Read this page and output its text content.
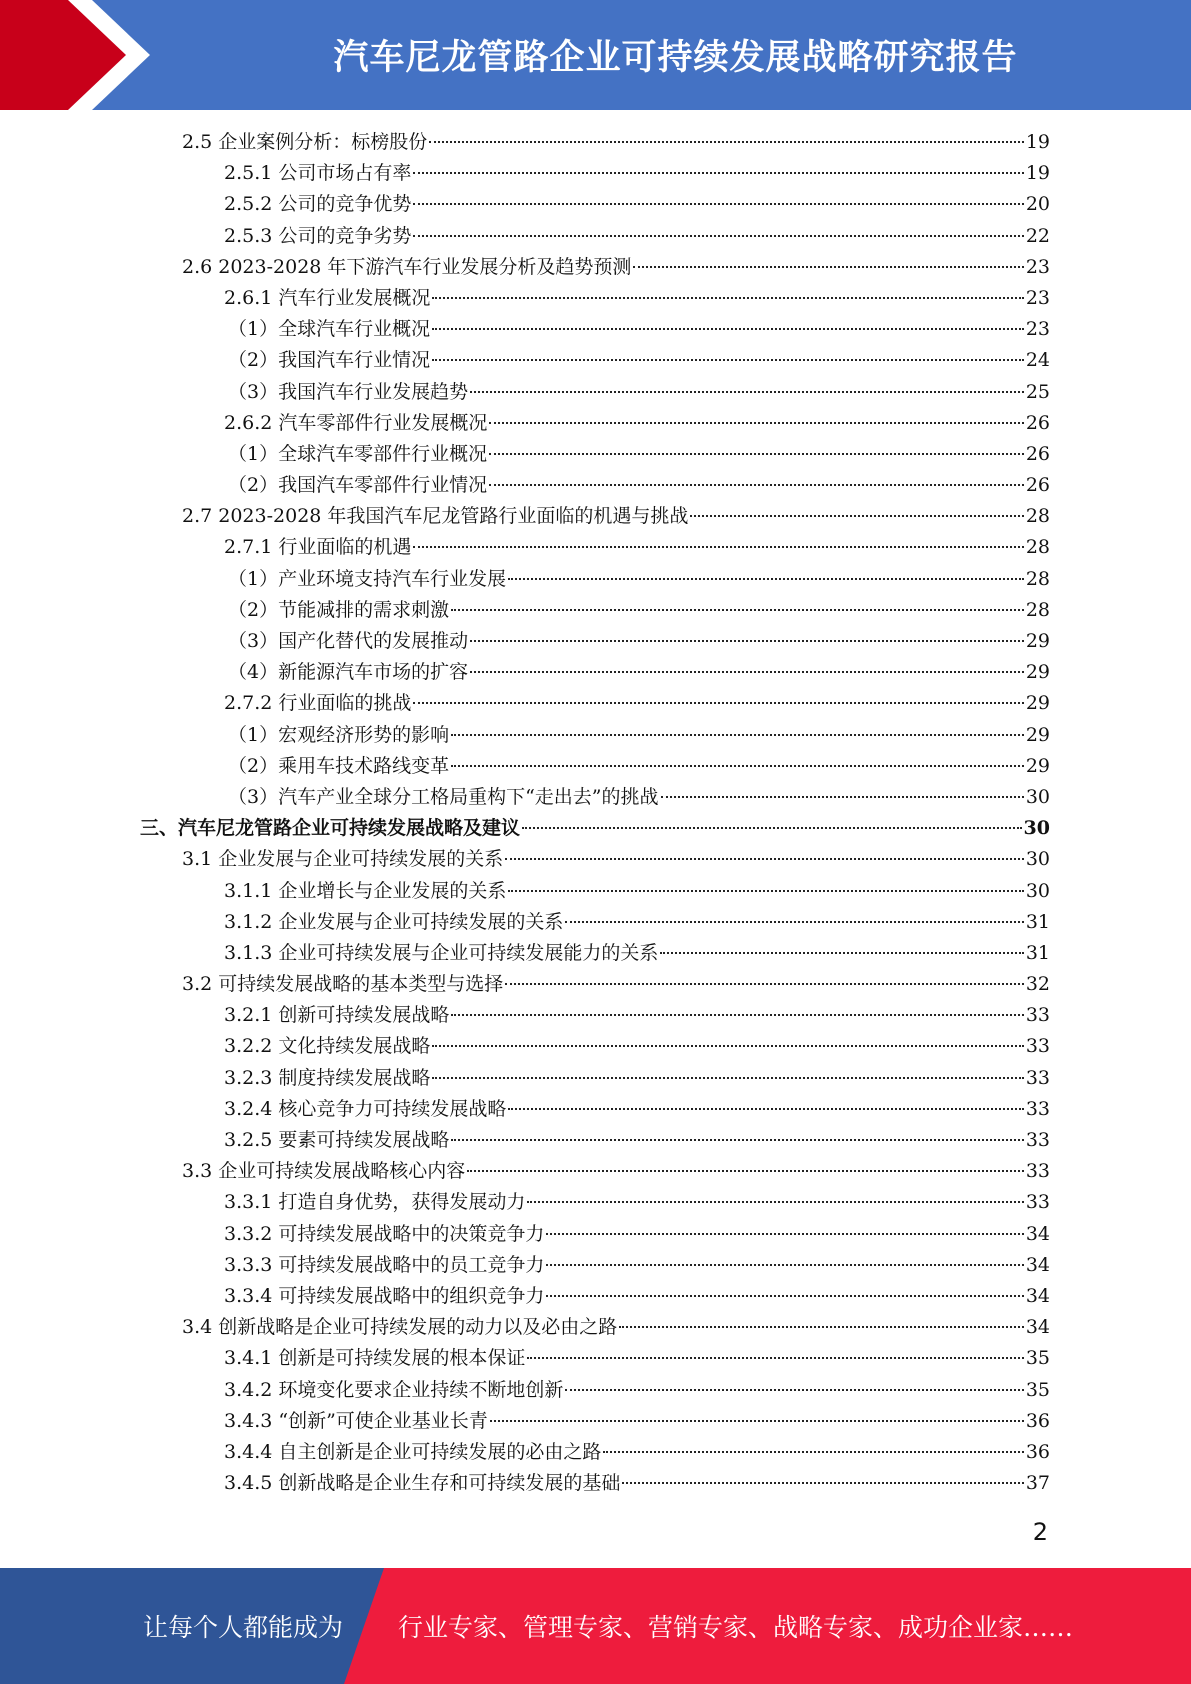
汽车尼龙管路企业可持续发展战略研究报告
2.5 企业案例分析：标榜股份	19
2.5.1 公司市场占有率	19
2.5.2 公司的竞争优势	20
2.5.3 公司的竞争劣势	22
2.6 2023-2028 年下游汽车行业发展分析及趋势预测	23
2.6.1 汽车行业发展概况	23
（1）全球汽车行业概况	23
（2）我国汽车行业情况	24
（3）我国汽车行业发展趋势	25
2.6.2 汽车零部件行业发展概况	26
（1）全球汽车零部件行业概况	26
（2）我国汽车零部件行业情况	26
2.7 2023-2028 年我国汽车尼龙管路行业面临的机遇与挑战	28
2.7.1 行业面临的机遇	28
（1）产业环境支持汽车行业发展	28
（2）节能减排的需求刺激	28
（3）国产化替代的发展推动	29
（4）新能源汽车市场的扩容	29
2.7.2 行业面临的挑战	29
（1）宏观经济形势的影响	29
（2）乘用车技术路线变革	29
（3）汽车产业全球分工格局重构下“走出去”的挑战	30
三、汽车尼龙管路企业可持续发展战略及建议	30
3.1 企业发展与企业可持续发展的关系	30
3.1.1 企业增长与企业发展的关系	30
3.1.2 企业发展与企业可持续发展的关系	31
3.1.3 企业可持续发展与企业可持续发展能力的关系	31
3.2 可持续发展战略的基本类型与选择	32
3.2.1 创新可持续发展战略	33
3.2.2 文化持续发展战略	33
3.2.3 制度持续发展战略	33
3.2.4 核心竞争力可持续发展战略	33
3.2.5 要素可持续发展战略	33
3.3 企业可持续发展战略核心内容	33
3.3.1 打造自身优势，获得发展动力	33
3.3.2 可持续发展战略中的决策竞争力	34
3.3.3 可持续发展战略中的员工竞争力	34
3.3.4 可持续发展战略中的组织竞争力	34
3.4 创新战略是企业可持续发展的动力以及必由之路	34
3.4.1 创新是可持续发展的根本保证	35
3.4.2 环境变化要求企业持续不断地创新	35
3.4.3 “创新”可使企业基业长青	36
3.4.4 自主创新是企业可持续发展的必由之路	36
3.4.5 创新战略是企业生存和可持续发展的基础	37
2
让每个人都能成为 行业专家、管理专家、营销专家、战略专家、成功企业家……
